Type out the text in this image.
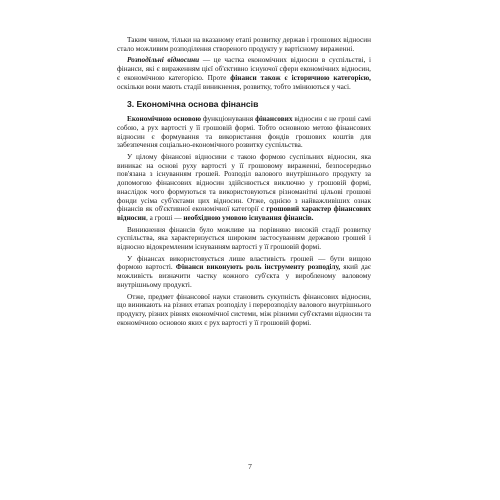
Таким чином, тільки на вказаному етапі розвитку держав і грошових відносин стало можливим розподілення створеного продукту у вартісному вираженні.

Розподільні відносини — це частка економічних відносин в суспільстві, і фінанси, які є вираженням цієї об'єктивно існуючої сфери економічних відносин, є економічною категорією. Проте фінанси також є історичною категорією, оскільки вони мають стадії виникнення, розвитку, тобто змінюються у часі.

3. Економічна основа фінансів

Економічною основою функціонування фінансових відносин є не гроші самі собою, а рух вартості у її грошовій формі. Тобто основною метою фінансових відносин є формування та використання фондів грошових коштів для забезпечення соціально-економічного розвитку суспільства.

У цілому фінансові відносини є такою формою суспільних відносин, яка виникає на основі руху вартості у її грошовому вираженні, безпосередньо пов'язана з існуванням грошей. Розподіл валового внутрішнього продукту за допомогою фінансових відносин здійснюється виключно у грошовій формі, внаслідок чого формуються та використовуються різноманітні цільові грошові фонди усіма суб'єктами цих відносин. Отже, однією з найважливіших ознак фінансів як об'єктивної економічної категорії є грошовий характер фінансових відносин, а гроші — необхідною умовою існування фінансів.

Виникнення фінансів було можливе на порівняно високій стадії розвитку суспільства, яка характеризується широким застосуванням державою грошей і відносно відокремленим існуванням вартості у її грошовій формі.

У фінансах використовується лише властивість грошей — бути вищою формою вартості. Фінанси виконують роль інструменту розподілу, який дає можливість визначити частку кожного суб'єкта у виробленому валовому внутрішньому продукті.

Отже, предмет фінансової науки становить сукупність фінансових відносин, що виникають на різних етапах розподілу і перерозподілу валового внутрішнього продукту, різних рівнях економічної системи, між різними суб'єктами відносин та економічною основою яких є рух вартості у її грошовій формі.

7
